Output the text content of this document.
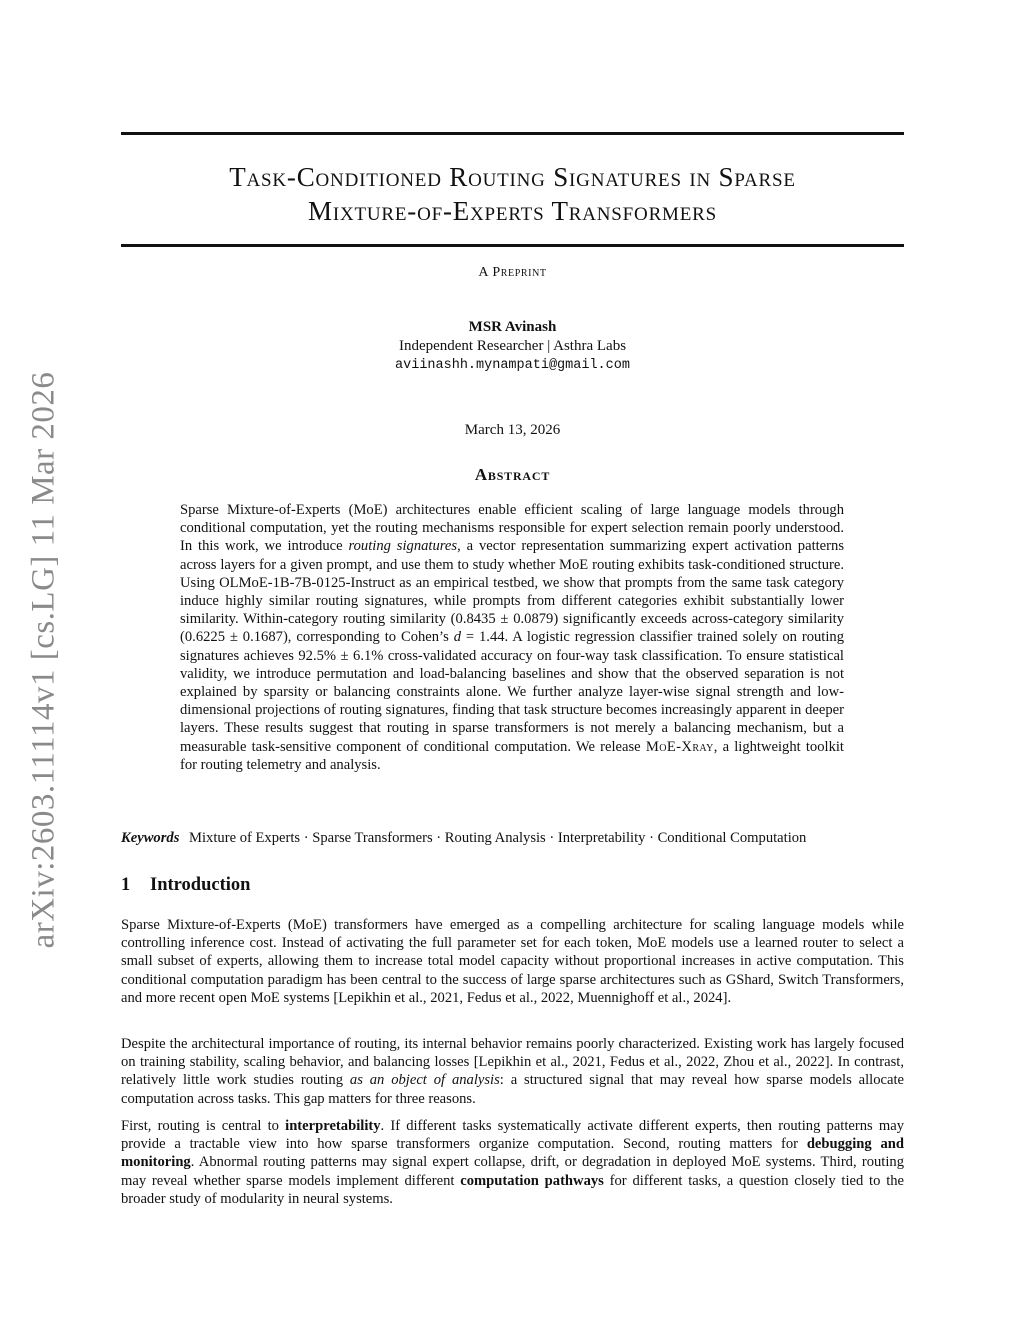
arXiv:2603.11114v1 [cs.LG] 11 Mar 2026
Task-Conditioned Routing Signatures in Sparse
Mixture-of-Experts Transformers
A Preprint
MSR Avinash
Independent Researcher | Asthra Labs
aviinashh.mynampati@gmail.com
March 13, 2026
Abstract
Sparse Mixture-of-Experts (MoE) architectures enable efficient scaling of large language models through conditional computation, yet the routing mechanisms responsible for expert selection remain poorly understood. In this work, we introduce routing signatures, a vector representation summarizing expert activation patterns across layers for a given prompt, and use them to study whether MoE routing exhibits task-conditioned structure. Using OLMoE-1B-7B-0125-Instruct as an empirical testbed, we show that prompts from the same task category induce highly similar routing signatures, while prompts from different categories exhibit substantially lower similarity. Within-category routing similarity (0.8435 ± 0.0879) significantly exceeds across-category similarity (0.6225 ± 0.1687), corresponding to Cohen’s d = 1.44. A logistic regression classifier trained solely on routing signatures achieves 92.5% ± 6.1% cross-validated accuracy on four-way task classification. To ensure statistical validity, we introduce permutation and load-balancing baselines and show that the observed separation is not explained by sparsity or balancing constraints alone. We further analyze layer-wise signal strength and low-dimensional projections of routing signatures, finding that task structure becomes increasingly apparent in deeper layers. These results suggest that routing in sparse transformers is not merely a balancing mechanism, but a measurable task-sensitive component of conditional computation. We release MoE-Xray, a lightweight toolkit for routing telemetry and analysis.
Keywords Mixture of Experts · Sparse Transformers · Routing Analysis · Interpretability · Conditional Computation
1 Introduction

Sparse Mixture-of-Experts (MoE) transformers have emerged as a compelling architecture for scaling language models while controlling inference cost. Instead of activating the full parameter set for each token, MoE models use a learned router to select a small subset of experts, allowing them to increase total model capacity without proportional increases in active computation. This conditional computation paradigm has been central to the success of large sparse architectures such as GShard, Switch Transformers, and more recent open MoE systems [Lepikhin et al., 2021, Fedus et al., 2022, Muennighoff et al., 2024].

Despite the architectural importance of routing, its internal behavior remains poorly characterized. Existing work has largely focused on training stability, scaling behavior, and balancing losses [Lepikhin et al., 2021, Fedus et al., 2022, Zhou et al., 2022]. In contrast, relatively little work studies routing as an object of analysis: a structured signal that may reveal how sparse models allocate computation across tasks. This gap matters for three reasons.

First, routing is central to interpretability. If different tasks systematically activate different experts, then routing patterns may provide a tractable view into how sparse transformers organize computation. Second, routing matters for debugging and monitoring. Abnormal routing patterns may signal expert collapse, drift, or degradation in deployed MoE systems. Third, routing may reveal whether sparse models implement different computation pathways for different tasks, a question closely tied to the broader study of modularity in neural systems.
